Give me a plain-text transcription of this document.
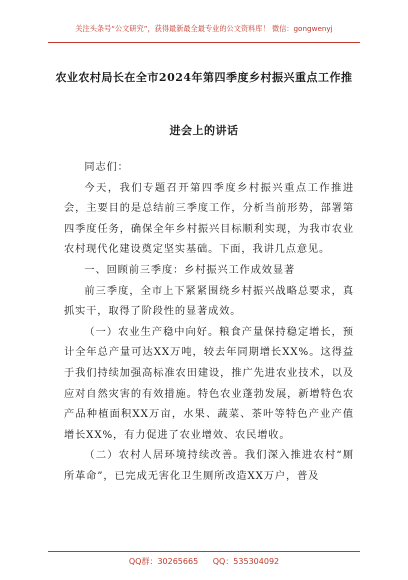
关注头条号“公文研究”，获得最新最全最专业的公文资料库！ 微信：gongwenyj
农业农村局长在全市2024年第四季度乡村振兴重点工作推
进会上的讲话

同志们：

今天，我们专题召开第四季度乡村振兴重点工作推进会，主要目的是总结前三季度工作，分析当前形势，部署第四季度任务，确保全年乡村振兴目标顺利实现，为我市农业农村现代化建设奠定坚实基础。下面，我讲几点意见。

一、回顾前三季度：乡村振兴工作成效显著

前三季度，全市上下紧紧围绕乡村振兴战略总要求，真抓实干，取得了阶段性的显著成效。

（一）农业生产稳中向好。粮食产量保持稳定增长，预计全年总产量可达XX万吨，较去年同期增长XX%。这得益于我们持续加强高标准农田建设，推广先进农业技术，以及应对自然灾害的有效措施。特色农业蓬勃发展，新增特色农产品种植面积XX万亩，水果、蔬菜、茶叶等特色产业产值增长XX%，有力促进了农业增效、农民增收。

（二）农村人居环境持续改善。我们深入推进农村“厕所革命”，已完成无害化卫生厕所改造XX万户，普及

QQ群：30265665 QQ：535304092
